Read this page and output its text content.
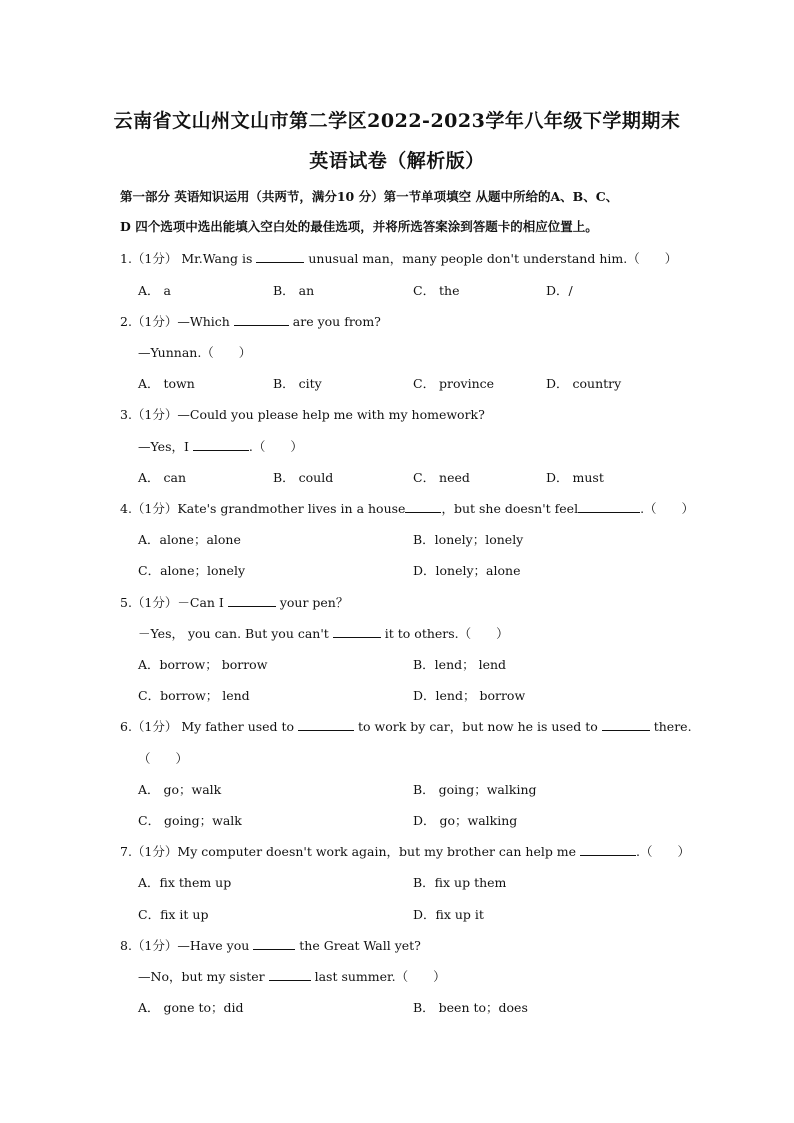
云南省文山州文山市第二学区2022-2023学年八年级下学期期末
英语试卷（解析版）
第一部分 英语知识运用（共两节，满分10 分）第一节单项填空 从题中所给的A、B、C、
D 四个选项中选出能填入空白处的最佳选项，并将所选答案涂到答题卡的相应位置上。
1.（1分） Mr.Wang is	unusual man，many people don't understand him.（　　）
A． a	B． an	C． the	D．/
2.（1分）—Which	are you from?
—Yunnan.（　　）
A． town	B． city	C． province	D． country
3.（1分）—Could you please help me with my homework?
—Yes，I	.（　　）
A． can	B． could	C． need	D． must
4.（1分）Kate's grandmother lives in a house	，but she doesn't feel	.（　　）
A．alone；alone	B．lonely；lonely
C．alone；lonely	D．lonely；alone
5.（1分）－Can I	your pen？
－Yes， you can. But you can't	it to others.（　　）
A．borrow； borrow	B．lend； lend
C．borrow； lend	D．lend； borrow
6.（1分） My father used to	to work by car，but now he is used to	there.
（　　）
A． go；walk	B． going；walking
C． going；walk	D． go；walking
7.（1分）My computer doesn't work again，but my brother can help me	.（　　）
A．fix them up	B．fix up them
C．fix it up	D．fix up it
8.（1分）—Have you	the Great Wall yet?
—No，but my sister	last summer.（　　）
A． gone to；did	B． been to；does
